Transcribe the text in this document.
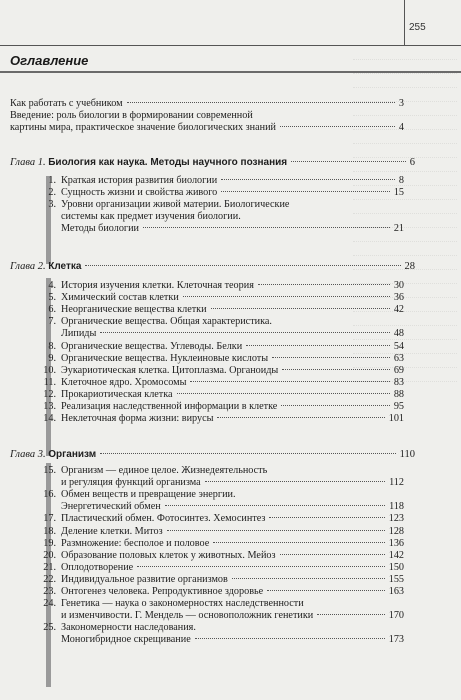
255
Оглавление
Как работать с учебником	3
Введение: роль биологии в формировании современной
картины мира, практическое значение биологических знаний	4
Глава 1.
Биология как наука. Методы научного познания	6
1. Краткая история развития биологии	8
2. Сущность жизни и свойства живого	15
3. Уровни организации живой материи. Биологические
системы как предмет изучения биологии.
Методы биологии	21
Глава 2.
Клетка	28
4. История изучения клетки. Клеточная теория	30
5. Химический состав клетки	36
6. Неорганические вещества клетки	42
7. Органические вещества. Общая характеристика.
Липиды	48
8. Органические вещества. Углеводы. Белки	54
9. Органические вещества. Нуклеиновые кислоты	63
10. Эукариотическая клетка. Цитоплазма. Органоиды	69
11. Клеточное ядро. Хромосомы	83
12. Прокариотическая клетка	88
13. Реализация наследственной информации в клетке	95
14. Неклеточная форма жизни: вирусы	101
Глава 3.
Организм	110
15. Организм — единое целое. Жизнедеятельность
и регуляция функций организма	112
16. Обмен веществ и превращение энергии.
Энергетический обмен	118
17. Пластический обмен. Фотосинтез. Хемосинтез	123
18. Деление клетки. Митоз	128
19. Размножение: бесполое и половое	136
20. Образование половых клеток у животных. Мейоз	142
21. Оплодотворение	150
22. Индивидуальное развитие организмов	155
23. Онтогенез человека. Репродуктивное здоровье	163
24. Генетика — наука о закономерностях наследственности
и изменчивости. Г. Мендель — основоположник генетики	170
25. Закономерности наследования.
Моногибридное скрещивание	173
